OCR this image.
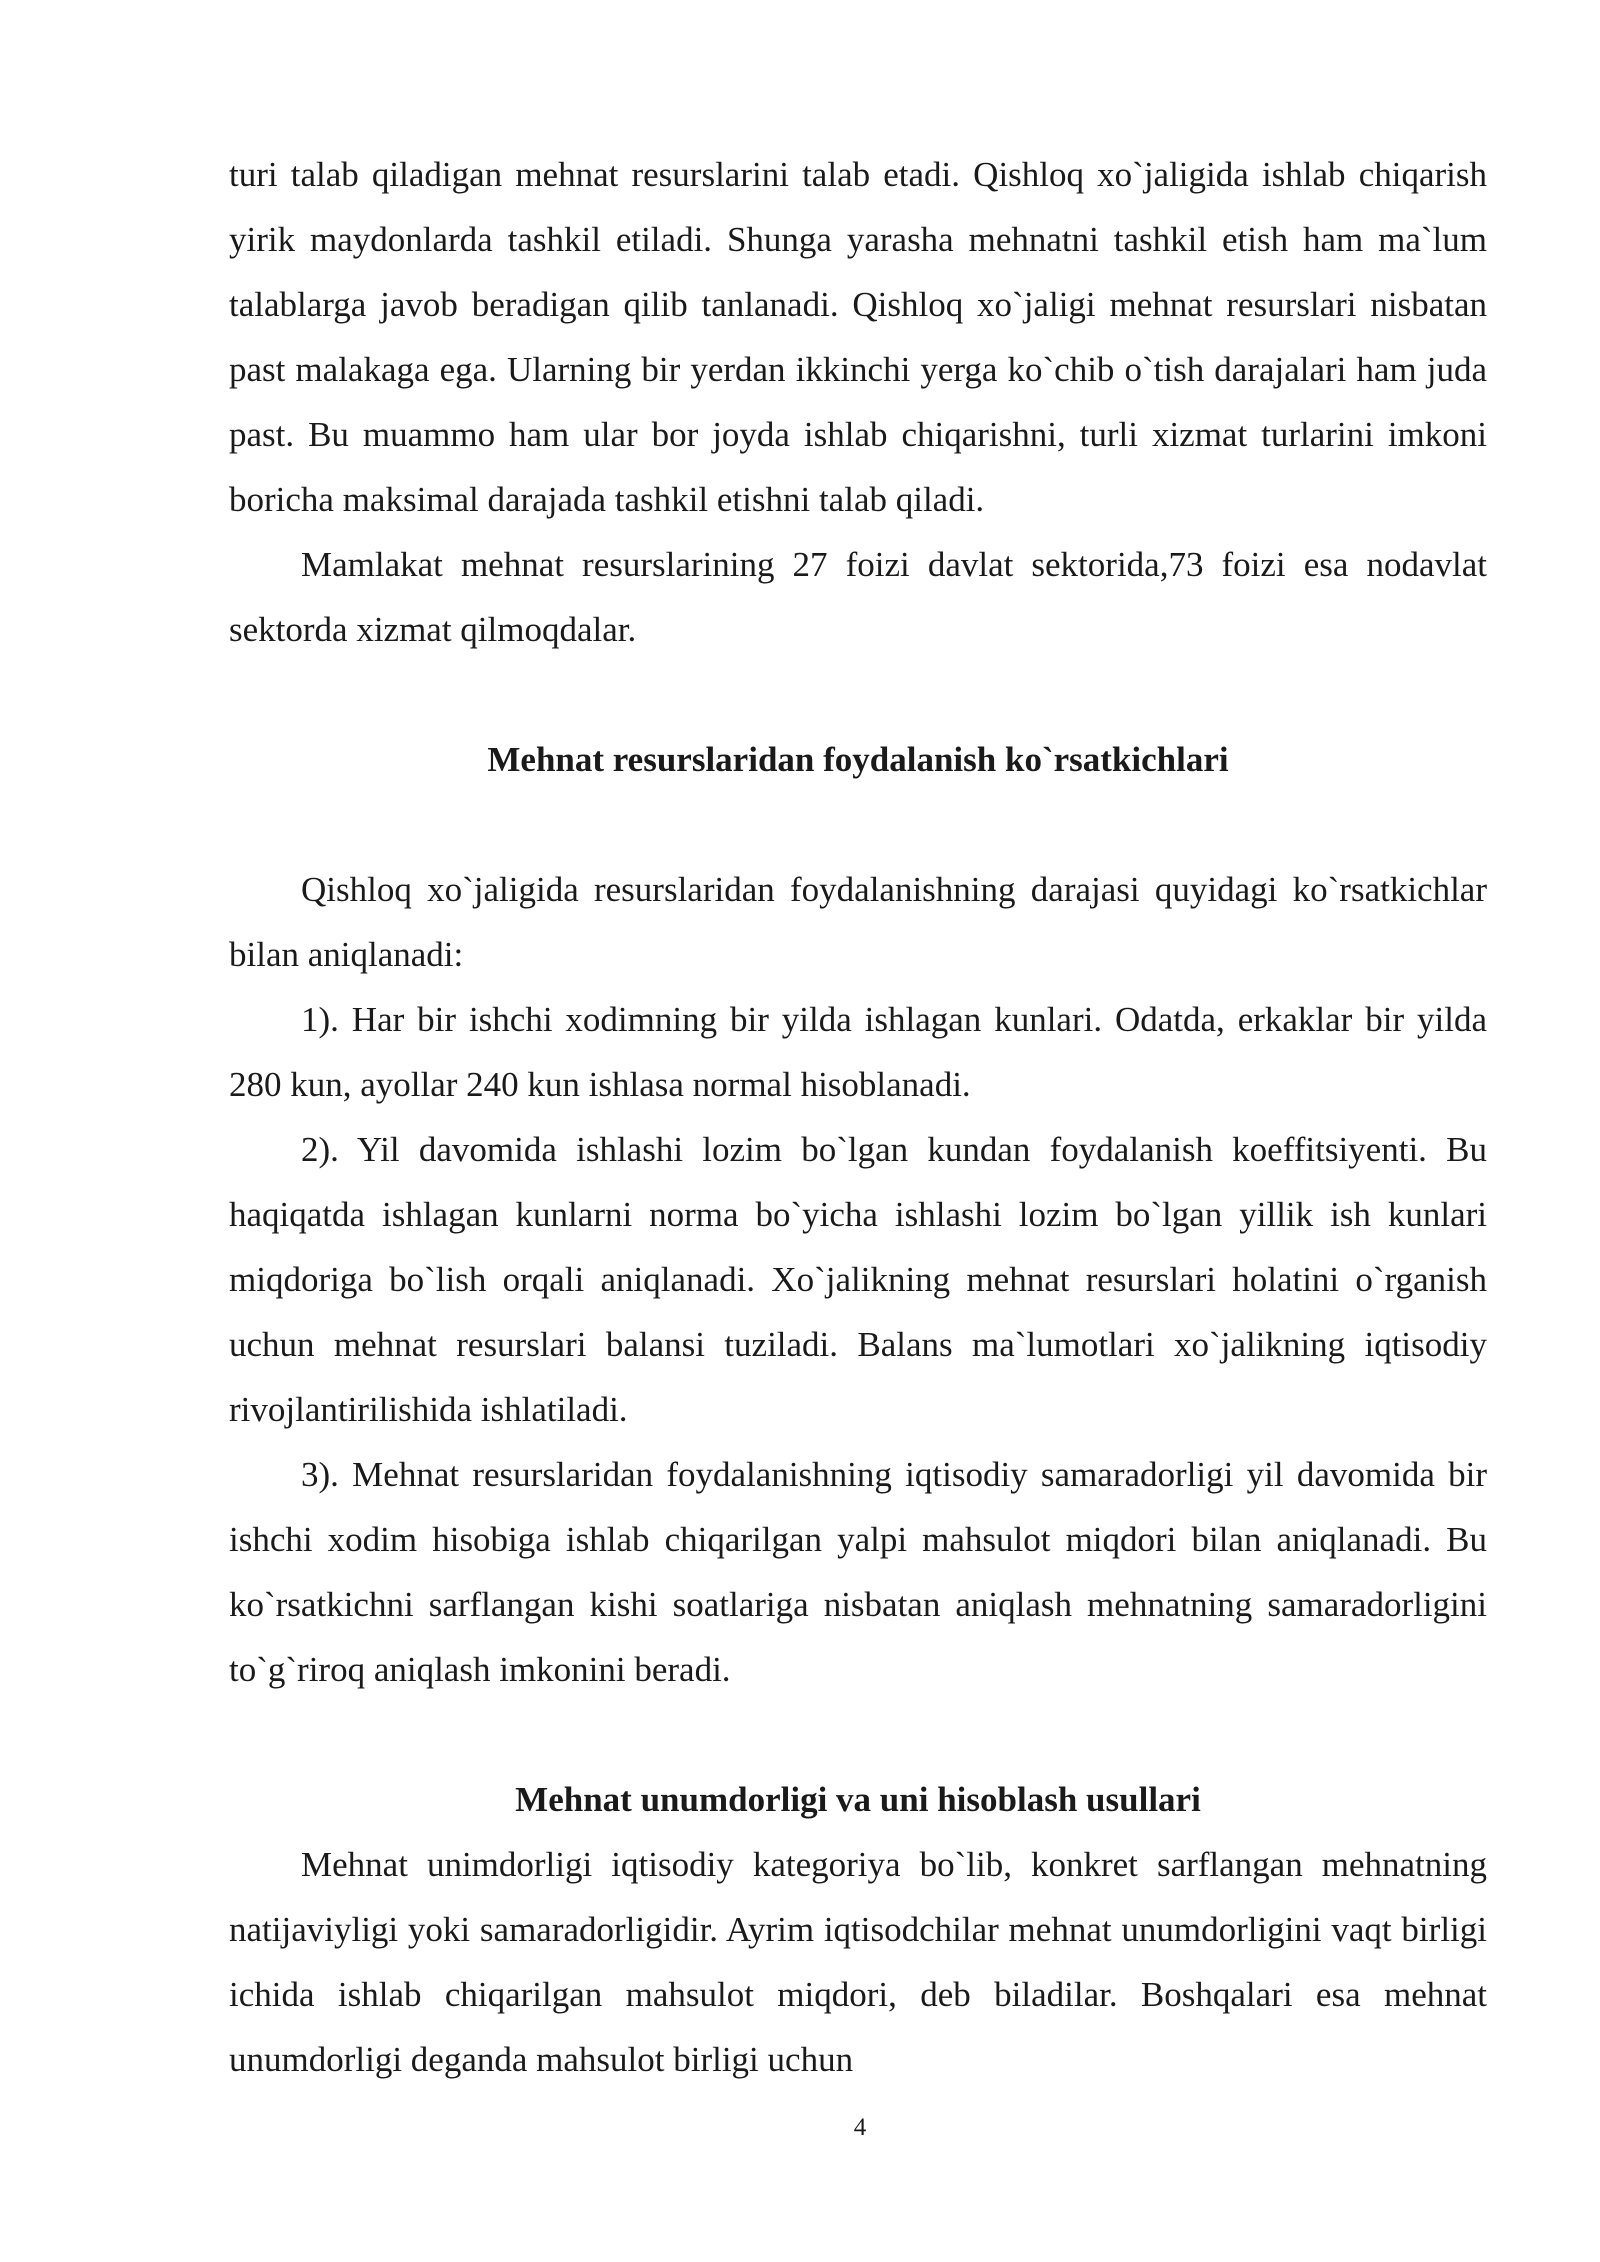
turi talab qiladigan mehnat resurslarini talab etadi. Qishloq xo`jaligida ishlab chiqarish yirik maydonlarda tashkil etiladi. Shunga yarasha mehnatni tashkil etish ham ma`lum talablarga javob beradigan qilib tanlanadi. Qishloq xo`jaligi mehnat resurslari nisbatan past malakaga ega. Ularning bir yerdan ikkinchi yerga ko`chib o`tish darajalari ham juda past. Bu muammo ham ular bor joyda ishlab chiqarishni, turli xizmat turlarini imkoni boricha maksimal darajada tashkil etishni talab qiladi.

Mamlakat mehnat resurslarining 27 foizi davlat sektorida,73 foizi esa nodavlat sektorda xizmat qilmoqdalar.

Mehnat resurslaridan foydalanish ko`rsatkichlari

Qishloq xo`jaligida resurslaridan foydalanishning darajasi quyidagi ko`rsatkichlar bilan aniqlanadi:

1). Har bir ishchi xodimning bir yilda ishlagan kunlari. Odatda, erkaklar bir yilda 280 kun, ayollar 240 kun ishlasa normal hisoblanadi.

2). Yil davomida ishlashi lozim bo`lgan kundan foydalanish koeffitsiyenti. Bu haqiqatda ishlagan kunlarni norma bo`yicha ishlashi lozim bo`lgan yillik ish kunlari miqdoriga bo`lish orqali aniqlanadi. Xo`jalikning mehnat resurslari holatini o`rganish uchun mehnat resurslari balansi tuziladi. Balans ma`lumotlari xo`jalikning iqtisodiy rivojlantirilishida ishlatiladi.

3). Mehnat resurslaridan foydalanishning iqtisodiy samaradorligi yil davomida bir ishchi xodim hisobiga ishlab chiqarilgan yalpi mahsulot miqdori bilan aniqlanadi. Bu ko`rsatkichni sarflangan kishi soatlariga nisbatan aniqlash mehnatning samaradorligini to`g`riroq aniqlash imkonini beradi.

Mehnat unumdorligi va uni hisoblash usullari

Mehnat unimdorligi iqtisodiy kategoriya bo`lib, konkret sarflangan mehnatning natijaviyligi yoki samaradorligidir. Ayrim iqtisodchilar mehnat unumdorligini vaqt birligi ichida ishlab chiqarilgan mahsulot miqdori, deb biladilar. Boshqalari esa mehnat unumdorligi deganda mahsulot birligi uchun

4
